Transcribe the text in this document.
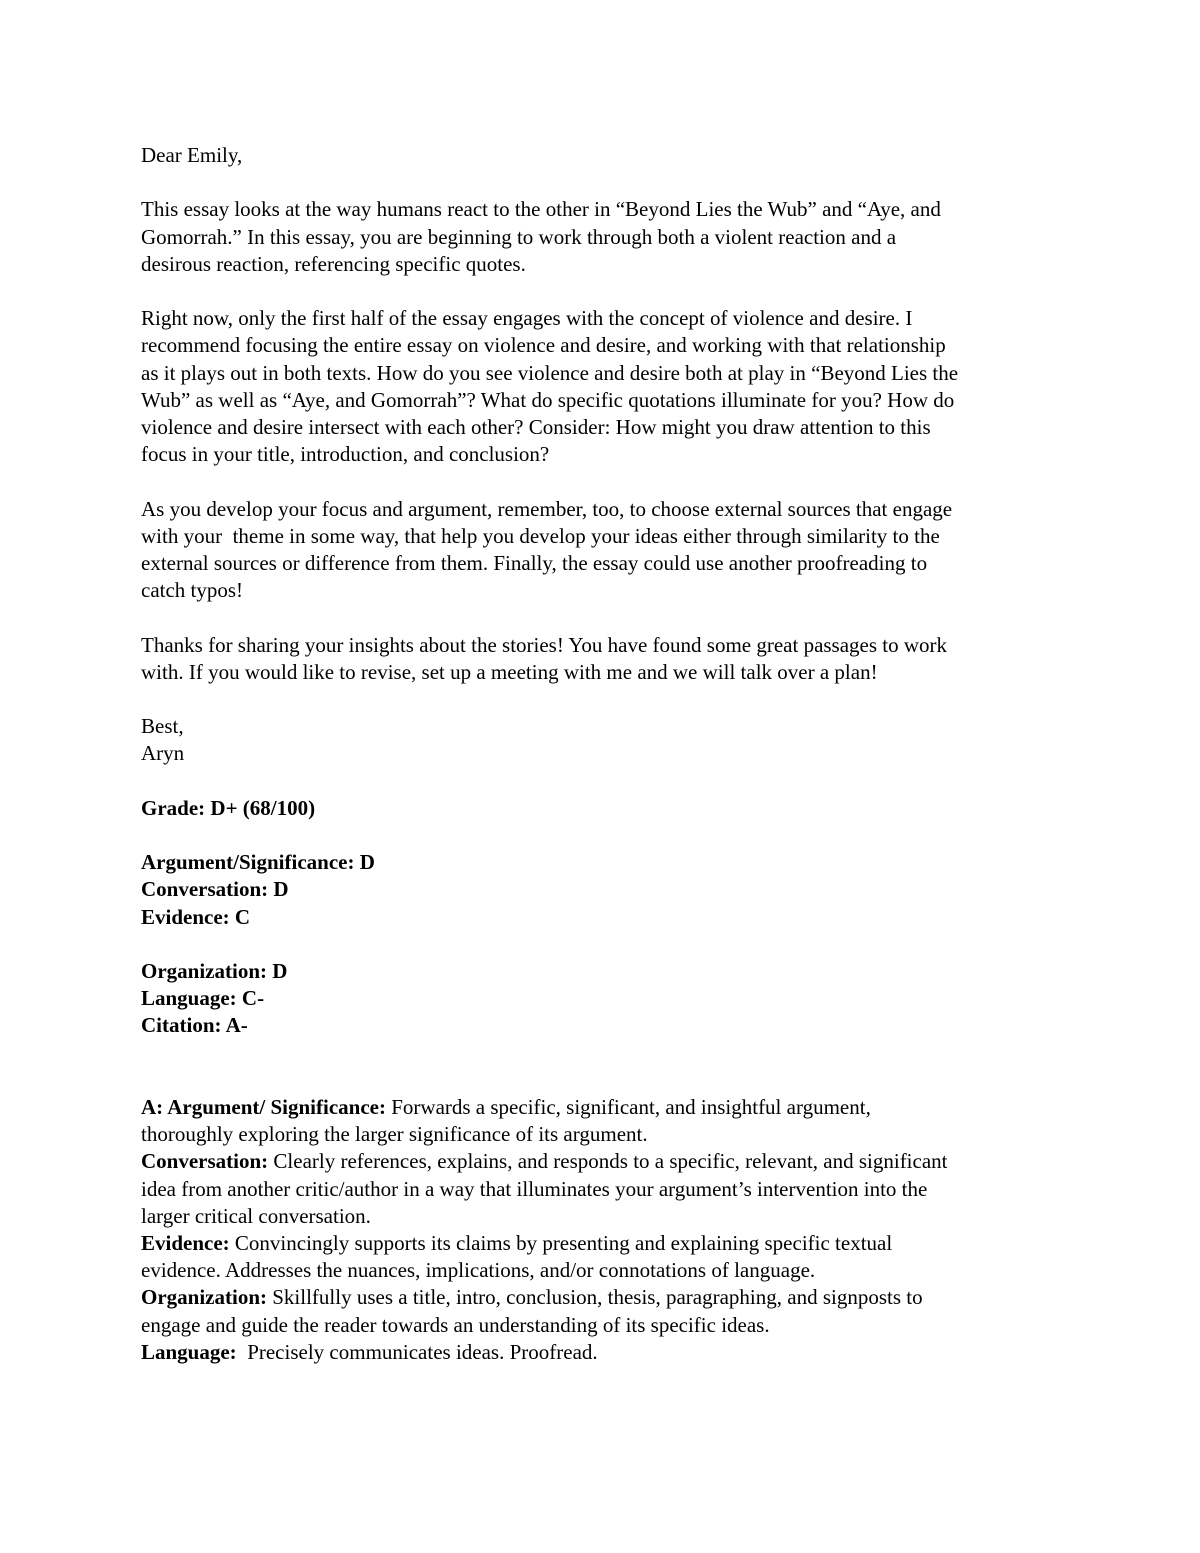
Dear Emily,
This essay looks at the way humans react to the other in “Beyond Lies the Wub” and “Aye, and
Gomorrah.” In this essay, you are beginning to work through both a violent reaction and a
desirous reaction, referencing specific quotes.
Right now, only the first half of the essay engages with the concept of violence and desire. I
recommend focusing the entire essay on violence and desire, and working with that relationship
as it plays out in both texts. How do you see violence and desire both at play in “Beyond Lies the
Wub” as well as “Aye, and Gomorrah”? What do specific quotations illuminate for you? How do
violence and desire intersect with each other? Consider: How might you draw attention to this
focus in your title, introduction, and conclusion?
As you develop your focus and argument, remember, too, to choose external sources that engage
with your  theme in some way, that help you develop your ideas either through similarity to the
external sources or difference from them. Finally, the essay could use another proofreading to
catch typos!
Thanks for sharing your insights about the stories! You have found some great passages to work
with. If you would like to revise, set up a meeting with me and we will talk over a plan!
Best,
Aryn
Grade: D+ (68/100)
Argument/Significance: D
Conversation: D
Evidence: C
Organization: D
Language: C-
Citation: A-
A: Argument/ Significance: Forwards a specific, significant, and insightful argument,
thoroughly exploring the larger significance of its argument.
Conversation: Clearly references, explains, and responds to a specific, relevant, and significant
idea from another critic/author in a way that illuminates your argument’s intervention into the
larger critical conversation.
Evidence: Convincingly supports its claims by presenting and explaining specific textual
evidence. Addresses the nuances, implications, and/or connotations of language.
Organization: Skillfully uses a title, intro, conclusion, thesis, paragraphing, and signposts to
engage and guide the reader towards an understanding of its specific ideas.
Language:  Precisely communicates ideas. Proofread.
